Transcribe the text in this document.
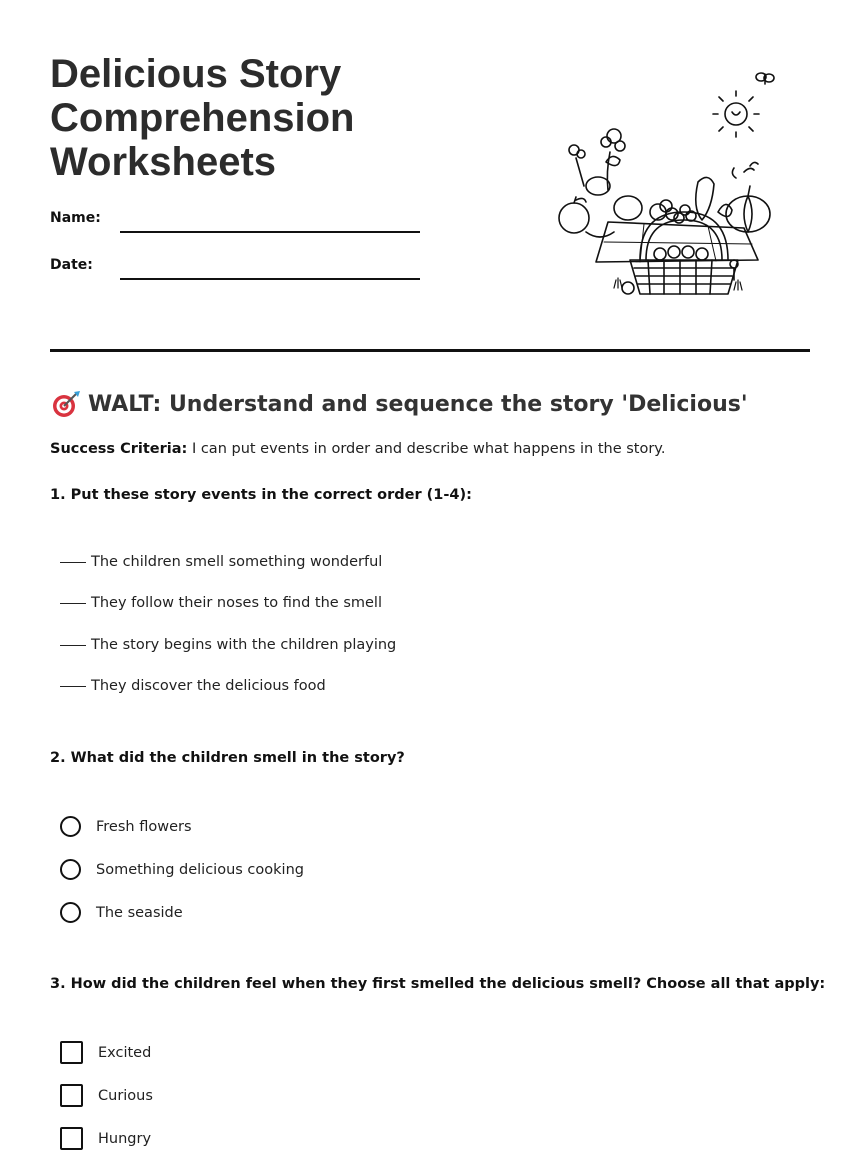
Delicious Story Comprehension Worksheets
Name:
Date:
WALT: Understand and sequence the story 'Delicious'
Success Criteria: I can put events in order and describe what happens in the story.
1. Put these story events in the correct order (1-4):
The children smell something wonderful
They follow their noses to find the smell
The story begins with the children playing
They discover the delicious food
2. What did the children smell in the story?
Fresh flowers
Something delicious cooking
The seaside
3. How did the children feel when they first smelled the delicious smell? Choose all that apply:
Excited
Curious
Hungry
